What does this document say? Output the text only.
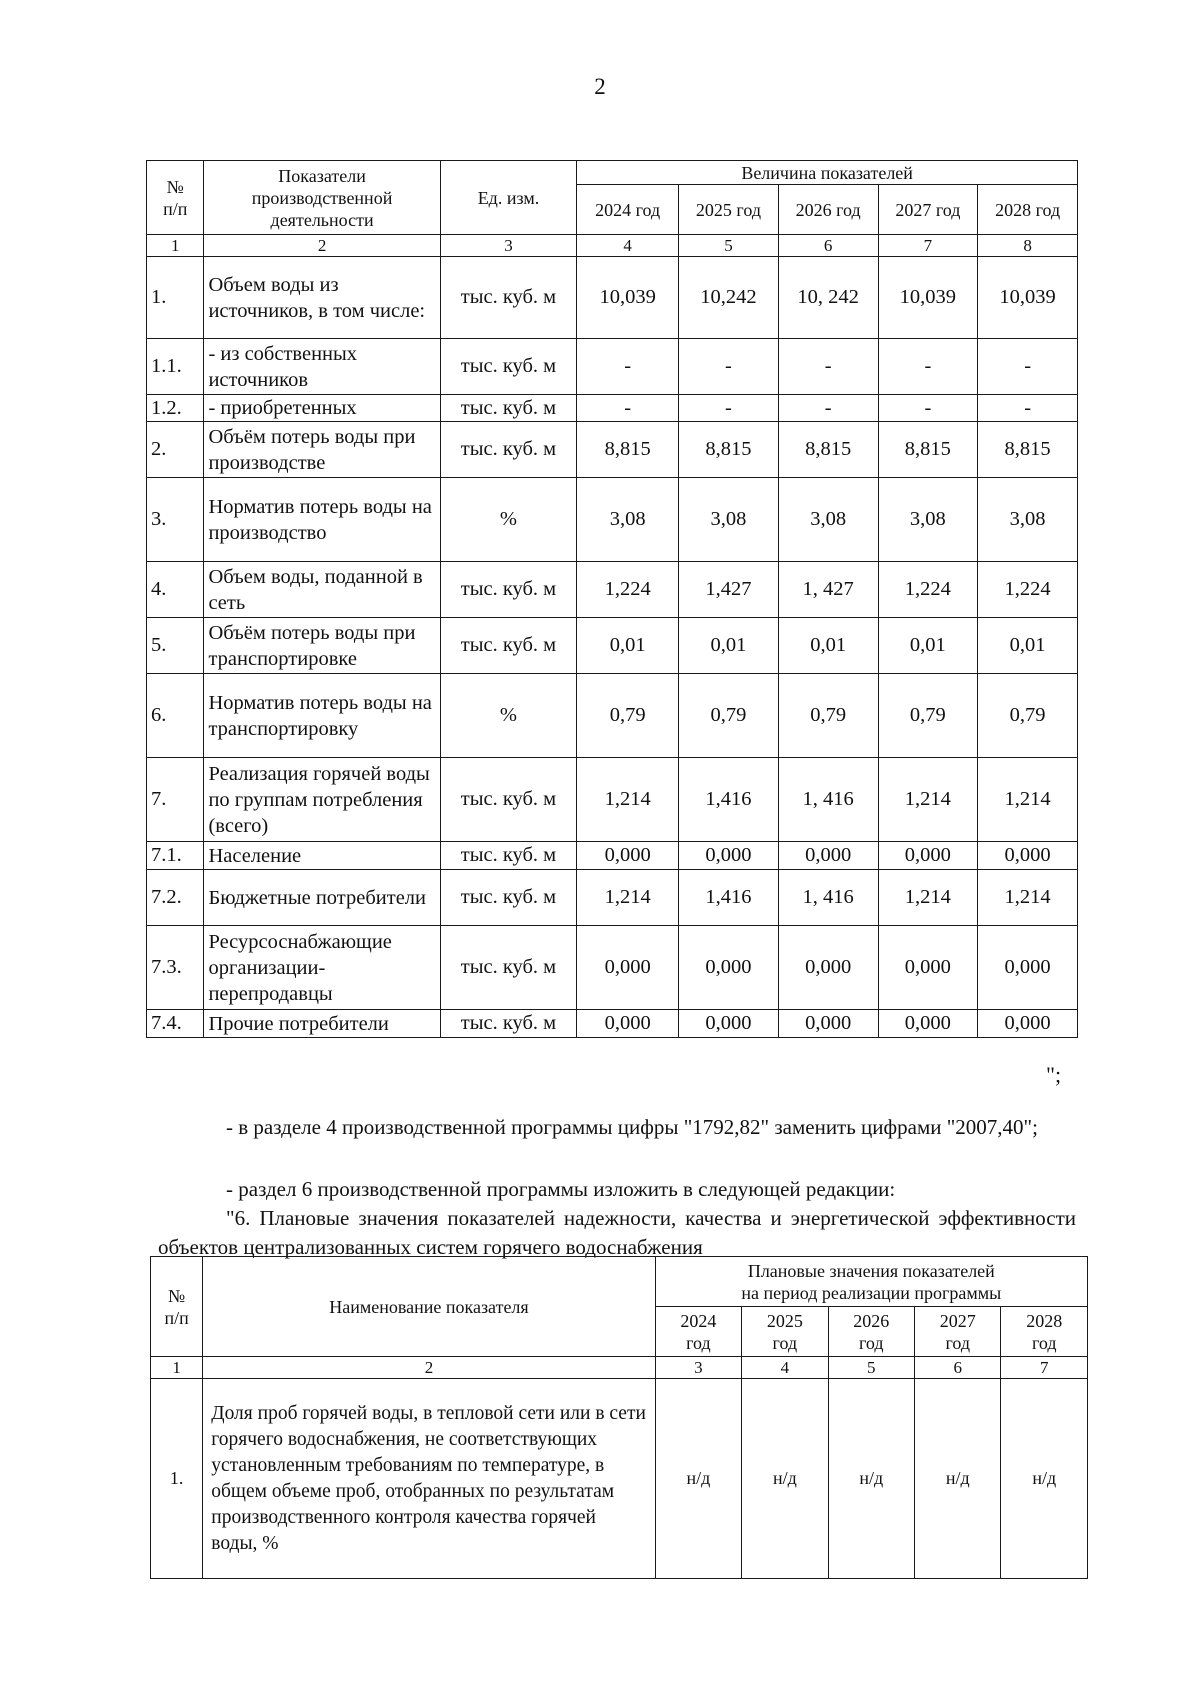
2
№
п/п	Показатели производственной деятельности	Ед. изм.	Величина показателей				
			2024 год	2025 год	2026 год	2027 год	2028 год
1	2	3	4	5	6	7	8
1.	Объем воды из источников, в том числе:	тыс. куб. м	10,039	10,242	10, 242	10,039	10,039
1.1.	- из собственных источников	тыс. куб. м	-	-	-	-	-
1.2.	- приобретенных	тыс. куб. м	-	-	-	-	-
2.	Объём потерь воды при производстве	тыс. куб. м	8,815	8,815	8,815	8,815	8,815
3.	Норматив потерь воды на производство	%	3,08	3,08	3,08	3,08	3,08
4.	Объем воды, поданной в сеть	тыс. куб. м	1,224	1,427	1, 427	1,224	1,224
5.	Объём потерь воды при транспортировке	тыс. куб. м	0,01	0,01	0,01	0,01	0,01
6.	Норматив потерь воды на транспортировку	%	0,79	0,79	0,79	0,79	0,79
7.	Реализация горячей воды по группам потребления (всего)	тыс. куб. м	1,214	1,416	1, 416	1,214	1,214
7.1.	Население	тыс. куб. м	0,000	0,000	0,000	0,000	0,000
7.2.	Бюджетные потребители	тыс. куб. м	1,214	1,416	1, 416	1,214	1,214
7.3.	Ресурсоснабжающие организации-перепродавцы	тыс. куб. м	0,000	0,000	0,000	0,000	0,000
7.4.	Прочие потребители	тыс. куб. м	0,000	0,000	0,000	0,000	0,000
";

- в разделе 4 производственной программы цифры "1792,82" заменить цифрами "2007,40";

- раздел 6 производственной программы изложить в следующей редакции:

"6. Плановые значения показателей надежности, качества и энергетической эффективности объектов централизованных систем горячего водоснабжения

№
п/п	Наименование показателя	Плановые значения показателей
на период реализации программы				
		2024
год	2025
год	2026
год	2027
год	2028
год
1	2	3	4	5	6	7
1.	Доля проб горячей воды, в тепловой сети или в сети горячего водоснабжения, не соответствующих установленным требованиям по температуре, в общем объеме проб, отобранных по результатам производственного контроля качества горячей воды, %	н/д	н/д	н/д	н/д	н/д
